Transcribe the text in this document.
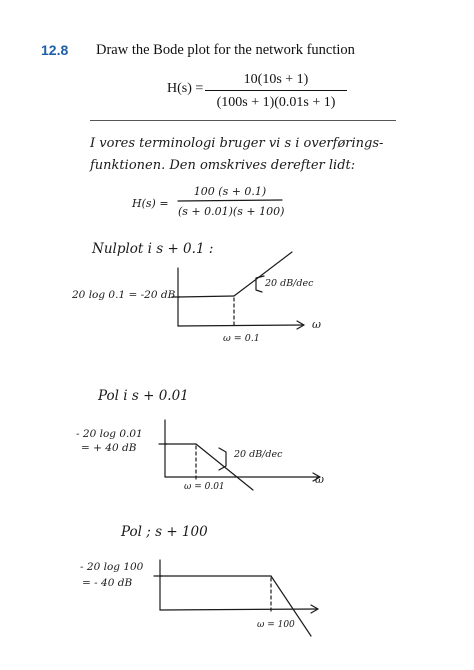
12.8 Draw the Bode plot for the network function
H(s) =
10(10s + 1)
(100s + 1)(0.01s + 1)
I vores terminologi bruger vi s i overførings-
funktionen. Den omskrives derefter lidt:
H(s) =
100 (s + 0.1)
(s + 0.01)(s + 100)
Nulplot i s + 0.1 :
20 log 0.1 = -20 dB
20 dB/dec
ω = 0.1
ω
Pol i s + 0.01
- 20 log 0.01
= + 40 dB
20 dB/dec
ω = 0.01
ω
Pol ; s + 100
- 20 log 100
= - 40 dB
ω = 100
